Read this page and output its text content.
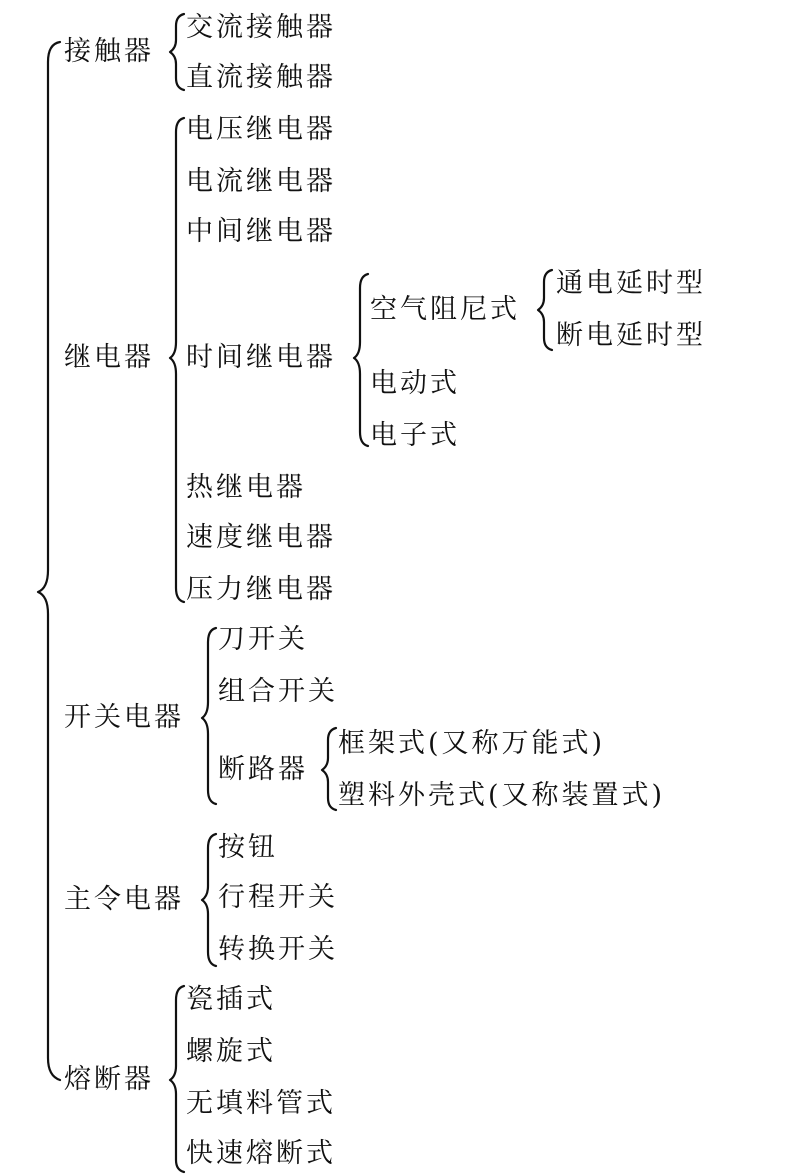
接触器
继电器
开关电器
主令电器
熔断器
交流接触器
直流接触器
电压继电器
电流继电器
中间继电器
时间继电器
热继电器
速度继电器
压力继电器
空气阻尼式
电动式
电子式
通电延时型
断电延时型
刀开关
组合开关
断路器
框架式(又称万能式)
塑料外壳式(又称装置式)
按钮
行程开关
转换开关
瓷插式
螺旋式
无填料管式
快速熔断式
